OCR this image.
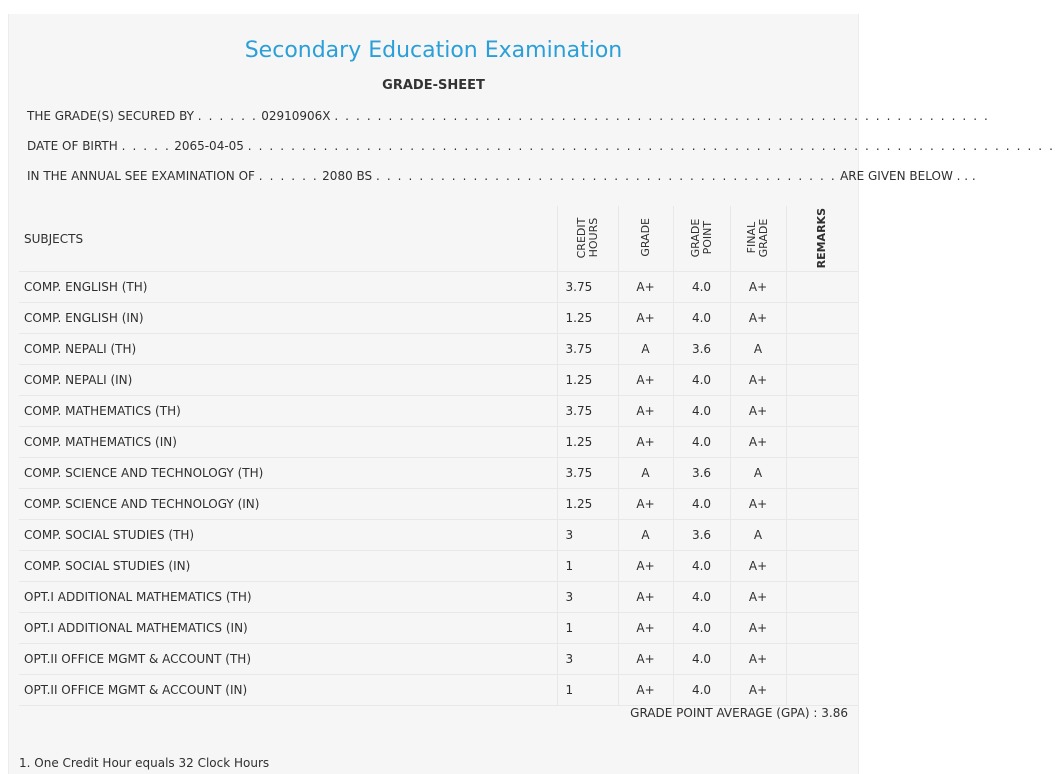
Secondary Education Examination
GRADE-SHEET
THE GRADE(S) SECURED BY . . . . . . 02910906X . . . . . . . . . . . . . . . . . . . . . . . . . . . . . . . . . . . . . . . . . . . . . . . . . . . . . . . . . . . . .
DATE OF BIRTH . . . . . 2065-04-05 . . . . . . . . . . . . . . . . . . . . . . . . . . . . . . . . . . . . . . . . . . . . . . . . . . . . . . . . . . . . . . . . . . . . . . . . . . .
IN THE ANNUAL SEE EXAMINATION OF . . . . . . 2080 BS . . . . . . . . . . . . . . . . . . . . . . . . . . . . . . . . . . . . . . . . . . . ARE GIVEN BELOW . . .
SUBJECTS	CREDIT HOURS	GRADE	GRADE POINT	FINAL GRADE	REMARKS
COMP. ENGLISH (TH)	3.75	A+	4.0	A+	
COMP. ENGLISH (IN)	1.25	A+	4.0	A+	
COMP. NEPALI (TH)	3.75	A	3.6	A	
COMP. NEPALI (IN)	1.25	A+	4.0	A+	
COMP. MATHEMATICS (TH)	3.75	A+	4.0	A+	
COMP. MATHEMATICS (IN)	1.25	A+	4.0	A+	
COMP. SCIENCE AND TECHNOLOGY (TH)	3.75	A	3.6	A	
COMP. SCIENCE AND TECHNOLOGY (IN)	1.25	A+	4.0	A+	
COMP. SOCIAL STUDIES (TH)	3	A	3.6	A	
COMP. SOCIAL STUDIES (IN)	1	A+	4.0	A+	
OPT.I ADDITIONAL MATHEMATICS (TH)	3	A+	4.0	A+	
OPT.I ADDITIONAL MATHEMATICS (IN)	1	A+	4.0	A+	
OPT.II OFFICE MGMT & ACCOUNT (TH)	3	A+	4.0	A+	
OPT.II OFFICE MGMT & ACCOUNT (IN)	1	A+	4.0	A+	
GRADE POINT AVERAGE (GPA) : 3.86
1. One Credit Hour equals 32 Clock Hours
